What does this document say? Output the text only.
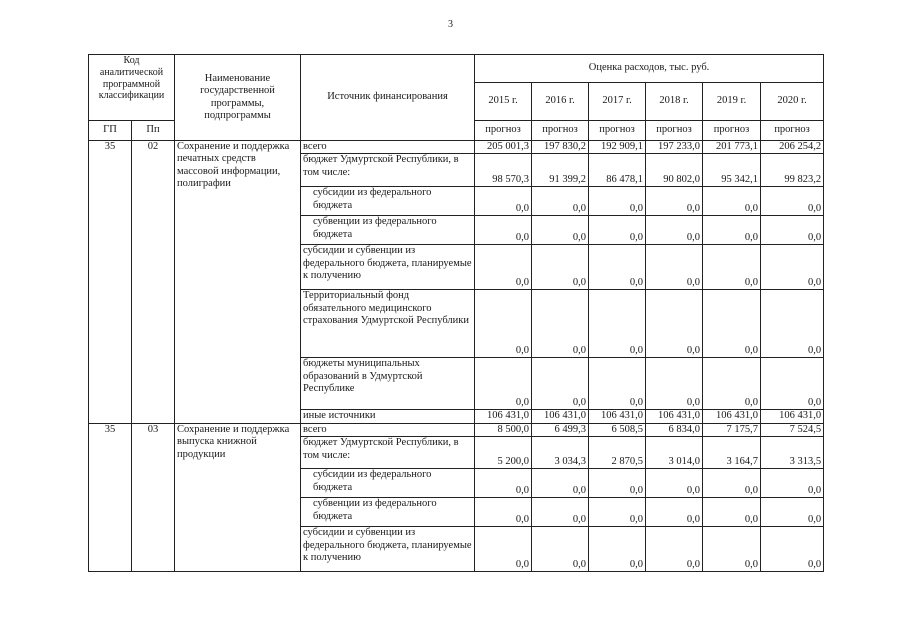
3
Код аналитической программной классификации		Наименование государственной программы, подпрограммы	Источник финансирования	Оценка расходов, тыс. руб.					
				2015 г.	2016 г.	2017 г.	2018 г.	2019 г.	2020 г.
ГП	Пп			прогноз	прогноз	прогноз	прогноз	прогноз	прогноз
35	02	Сохранение и поддержка печатных средств массовой информации, полиграфии	всего	205 001,3	197 830,2	192 909,1	197 233,0	201 773,1	206 254,2
			бюджет Удмуртской Республики, в том числе:	98 570,3	91 399,2	86 478,1	90 802,0	95 342,1	99 823,2
			субсидии из федерального бюджета	0,0	0,0	0,0	0,0	0,0	0,0
			субвенции из федерального бюджета	0,0	0,0	0,0	0,0	0,0	0,0
			субсидии и субвенции из федерального бюджета, планируемые к получению	0,0	0,0	0,0	0,0	0,0	0,0
			Территориальный фонд обязательного медицинского страхования Удмуртской Республики	0,0	0,0	0,0	0,0	0,0	0,0
			бюджеты муниципальных образований в Удмуртской Республике	0,0	0,0	0,0	0,0	0,0	0,0
			иные источники	106 431,0	106 431,0	106 431,0	106 431,0	106 431,0	106 431,0
35	03	Сохранение и поддержка выпуска книжной продукции	всего	8 500,0	6 499,3	6 508,5	6 834,0	7 175,7	7 524,5
			бюджет Удмуртской Республики, в том числе:	5 200,0	3 034,3	2 870,5	3 014,0	3 164,7	3 313,5
			субсидии из федерального бюджета	0,0	0,0	0,0	0,0	0,0	0,0
			субвенции из федерального бюджета	0,0	0,0	0,0	0,0	0,0	0,0
			субсидии и субвенции из федерального бюджета, планируемые к получению	0,0	0,0	0,0	0,0	0,0	0,0
